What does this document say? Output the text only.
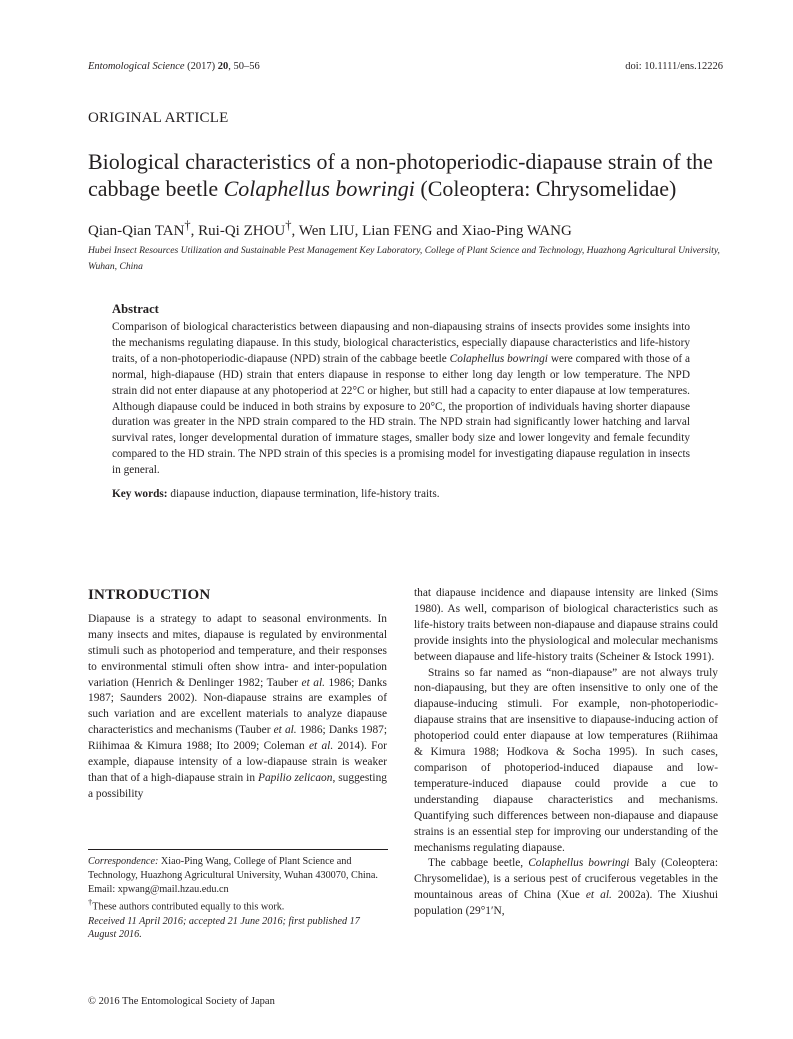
Entomological Science (2017) 20, 50–56	doi: 10.1111/ens.12226
ORIGINAL ARTICLE
Biological characteristics of a non-photoperiodic-diapause strain of the cabbage beetle Colaphellus bowringi (Coleoptera: Chrysomelidae)
Qian-Qian TAN†, Rui-Qi ZHOU†, Wen LIU, Lian FENG and Xiao-Ping WANG
Hubei Insect Resources Utilization and Sustainable Pest Management Key Laboratory, College of Plant Science and Technology, Huazhong Agricultural University, Wuhan, China
Abstract
Comparison of biological characteristics between diapausing and non-diapausing strains of insects provides some insights into the mechanisms regulating diapause. In this study, biological characteristics, especially diapause characteristics and life-history traits, of a non-photoperiodic-diapause (NPD) strain of the cabbage beetle Colaphellus bowringi were compared with those of a normal, high-diapause (HD) strain that enters diapause in response to either long day length or low temperature. The NPD strain did not enter diapause at any photoperiod at 22°C or higher, but still had a capacity to enter diapause at low temperatures. Although diapause could be induced in both strains by exposure to 20°C, the proportion of individuals having shorter diapause duration was greater in the NPD strain compared to the HD strain. The NPD strain had significantly lower hatching and larval survival rates, longer developmental duration of immature stages, smaller body size and lower longevity and female fecundity compared to the HD strain. The NPD strain of this species is a promising model for investigating diapause regulation in insects in general.
Key words: diapause induction, diapause termination, life-history traits.
INTRODUCTION
Diapause is a strategy to adapt to seasonal environments. In many insects and mites, diapause is regulated by environmental stimuli such as photoperiod and temperature, and their responses to environmental stimuli often show intra- and inter-population variation (Henrich & Denlinger 1982; Tauber et al. 1986; Danks 1987; Saunders 2002). Non-diapause strains are examples of such variation and are excellent materials to analyze diapause characteristics and mechanisms (Tauber et al. 1986; Danks 1987; Riihimaa & Kimura 1988; Ito 2009; Coleman et al. 2014). For example, diapause intensity of a low-diapause strain is weaker than that of a high-diapause strain in Papilio zelicaon, suggesting a possibility
that diapause incidence and diapause intensity are linked (Sims 1980). As well, comparison of biological characteristics such as life-history traits between non-diapause and diapause strains could provide insights into the physiological and molecular mechanisms between diapause and life-history traits (Scheiner & Istock 1991).
Strains so far named as “non-diapause” are not always truly non-diapausing, but they are often insensitive to only one of the diapause-inducing stimuli. For example, non-photoperiodic-diapause strains that are insensitive to diapause-inducing action of photoperiod could enter diapause at low temperatures (Riihimaa & Kimura 1988; Hodkova & Socha 1995). In such cases, comparison of photoperiod-induced diapause and low-temperature-induced diapause could provide a cue to understanding diapause characteristics and mechanisms. Quantifying such differences between non-diapause and diapause strains is an essential step for improving our understanding of the mechanisms regulating diapause.
The cabbage beetle, Colaphellus bowringi Baly (Coleoptera: Chrysomelidae), is a serious pest of cruciferous vegetables in the mountainous areas of China (Xue et al. 2002a). The Xiushui population (29°1′N,
Correspondence: Xiao-Ping Wang, College of Plant Science and Technology, Huazhong Agricultural University, Wuhan 430070, China.
Email: xpwang@mail.hzau.edu.cn
†These authors contributed equally to this work.
Received 11 April 2016; accepted 21 June 2016; first published 17 August 2016.
© 2016 The Entomological Society of Japan
